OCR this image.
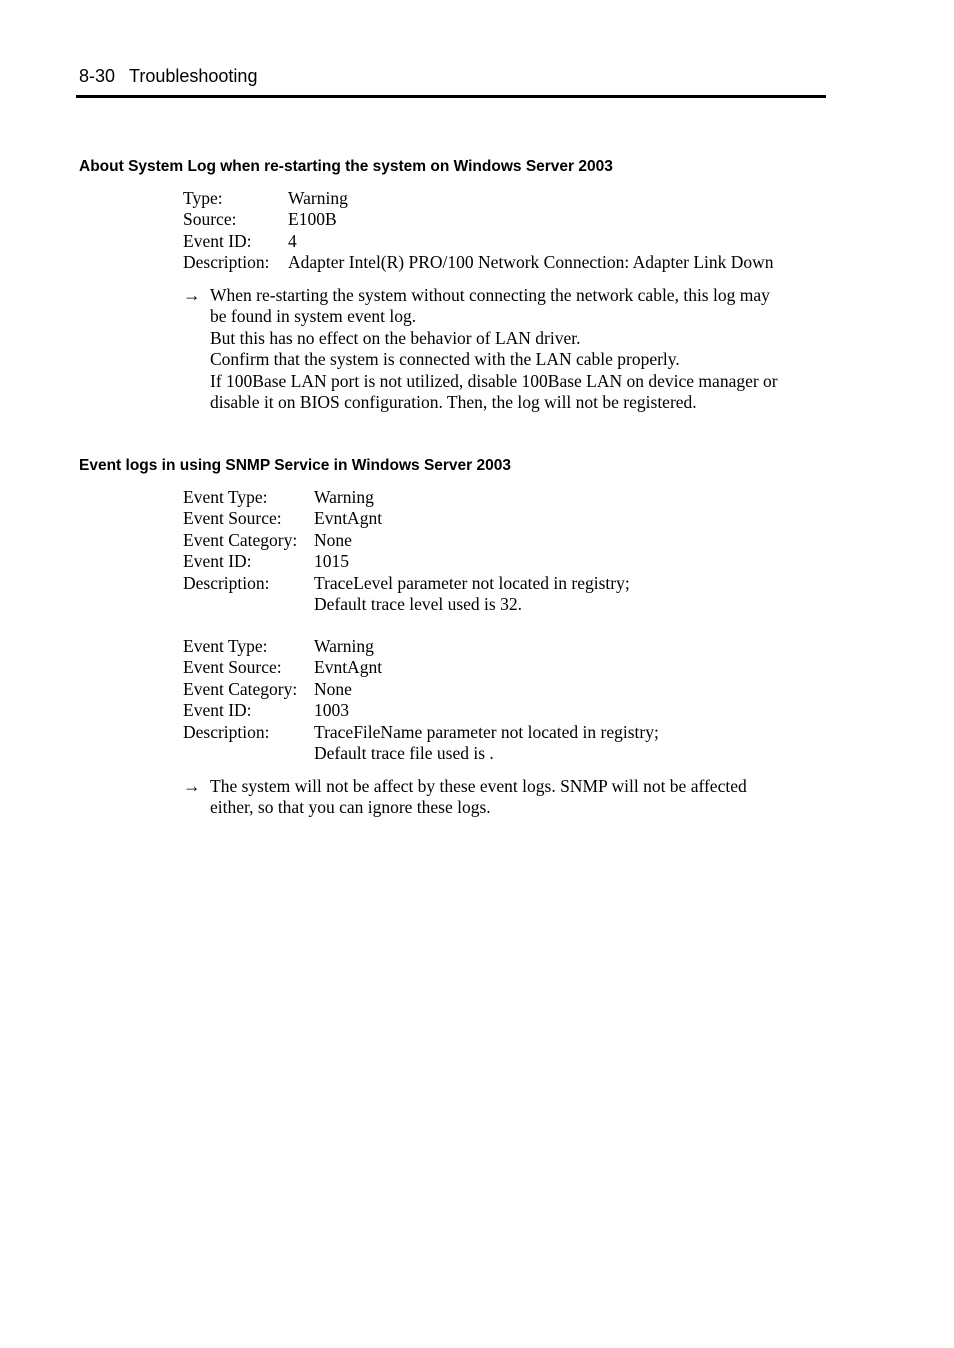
8-30 Troubleshooting
About System Log when re-starting the system on Windows Server 2003
Type:	Warning
Source:	E100B
Event ID:	4
Description:	Adapter Intel(R) PRO/100 Network Connection: Adapter Link Down
→ When re-starting the system without connecting the network cable, this log may
be found in system event log.
But this has no effect on the behavior of LAN driver.
Confirm that the system is connected with the LAN cable properly.
If 100Base LAN port is not utilized, disable 100Base LAN on device manager or
disable it on BIOS configuration. Then, the log will not be registered.
Event logs in using SNMP Service in Windows Server 2003
Event Type:	Warning
Event Source:	EvntAgnt
Event Category:	None
Event ID:	1015
Description:	TraceLevel parameter not located in registry;
	Default trace level used is 32.
Event Type:	Warning
Event Source:	EvntAgnt
Event Category:	None
Event ID:	1003
Description:	TraceFileName parameter not located in registry;
	Default trace file used is .
→ The system will not be affect by these event logs. SNMP will not be affected
either, so that you can ignore these logs.
